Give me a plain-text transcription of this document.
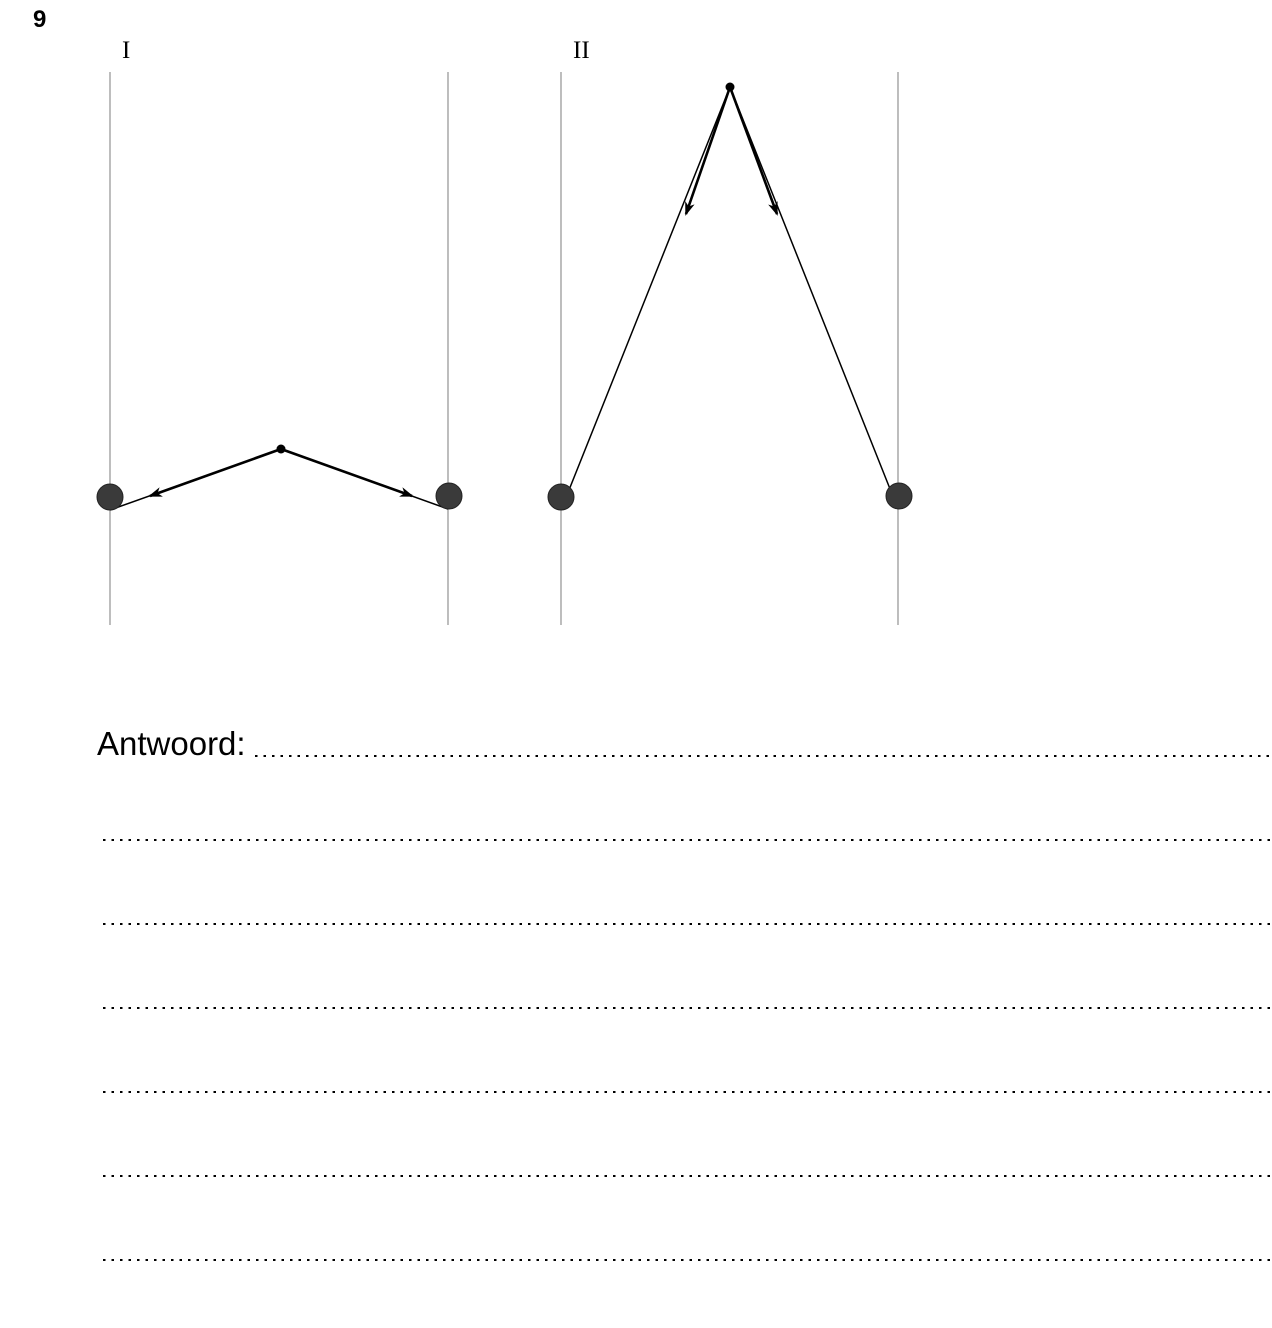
9
I	II
Antwoord:
